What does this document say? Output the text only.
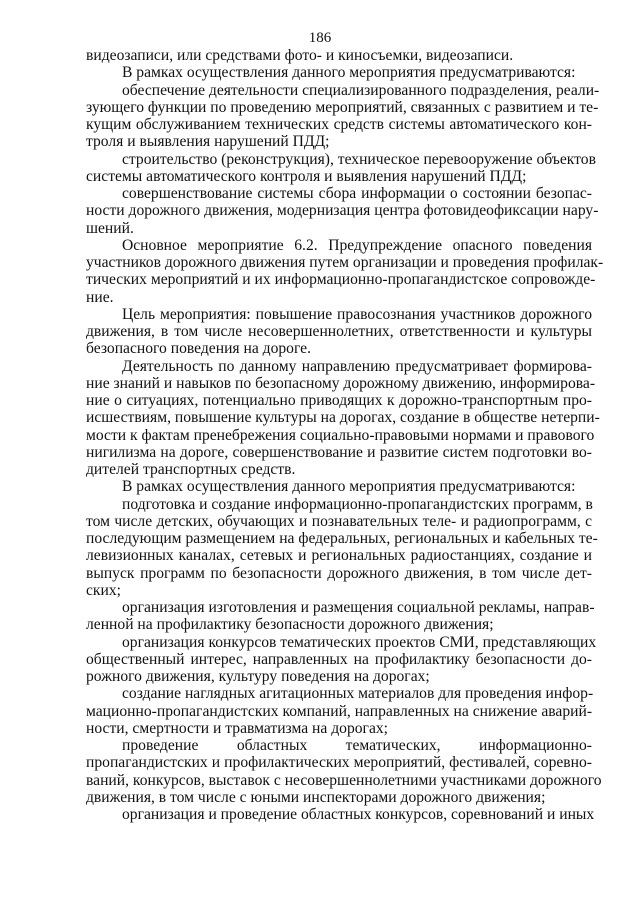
186
видеозаписи, или средствами фото- и киносъемки, видеозаписи.
В рамках осуществления данного мероприятия предусматриваются:
обеспечение деятельности специализированного подразделения, реали-
зующего функции по проведению мероприятий, связанных с развитием и те-
кущим обслуживанием технических средств системы автоматического кон-
троля и выявления нарушений ПДД;
строительство (реконструкция), техническое перевооружение объектов
системы автоматического контроля и выявления нарушений ПДД;
совершенствование системы сбора информации о состоянии безопас-
ности дорожного движения, модернизация центра фотовидеофиксации нару-
шений.
Основное мероприятие 6.2. Предупреждение опасного поведения
участников дорожного движения путем организации и проведения профилак-
тических мероприятий и их информационно-пропагандистское сопровожде-
ние.
Цель мероприятия: повышение правосознания участников дорожного
движения, в том числе несовершеннолетних, ответственности и культуры
безопасного поведения на дороге.
Деятельность по данному направлению предусматривает формирова-
ние знаний и навыков по безопасному дорожному движению, информирова-
ние о ситуациях, потенциально приводящих к дорожно-транспортным про-
исшествиям, повышение культуры на дорогах, создание в обществе нетерпи-
мости к фактам пренебрежения социально-правовыми нормами и правового
нигилизма на дороге, совершенствование и развитие систем подготовки во-
дителей транспортных средств.
В рамках осуществления данного мероприятия предусматриваются:
подготовка и создание информационно-пропагандистских программ, в
том числе детских, обучающих и познавательных теле- и радиопрограмм, с
последующим размещением на федеральных, региональных и кабельных те-
левизионных каналах, сетевых и региональных радиостанциях, создание и
выпуск программ по безопасности дорожного движения, в том числе дет-
ских;
организация изготовления и размещения социальной рекламы, направ-
ленной на профилактику безопасности дорожного движения;
организация конкурсов тематических проектов СМИ, представляющих
общественный интерес, направленных на профилактику безопасности до-
рожного движения, культуру поведения на дорогах;
создание наглядных агитационных материалов для проведения инфор-
мационно-пропагандистских компаний, направленных на снижение аварий-
ности, смертности и травматизма на дорогах;
проведение областных тематических, информационно-
пропагандистских и профилактических мероприятий, фестивалей, соревно-
ваний, конкурсов, выставок с несовершеннолетними участниками дорожного
движения, в том числе с юными инспекторами дорожного движения;
организация и проведение областных конкурсов, соревнований и иных
